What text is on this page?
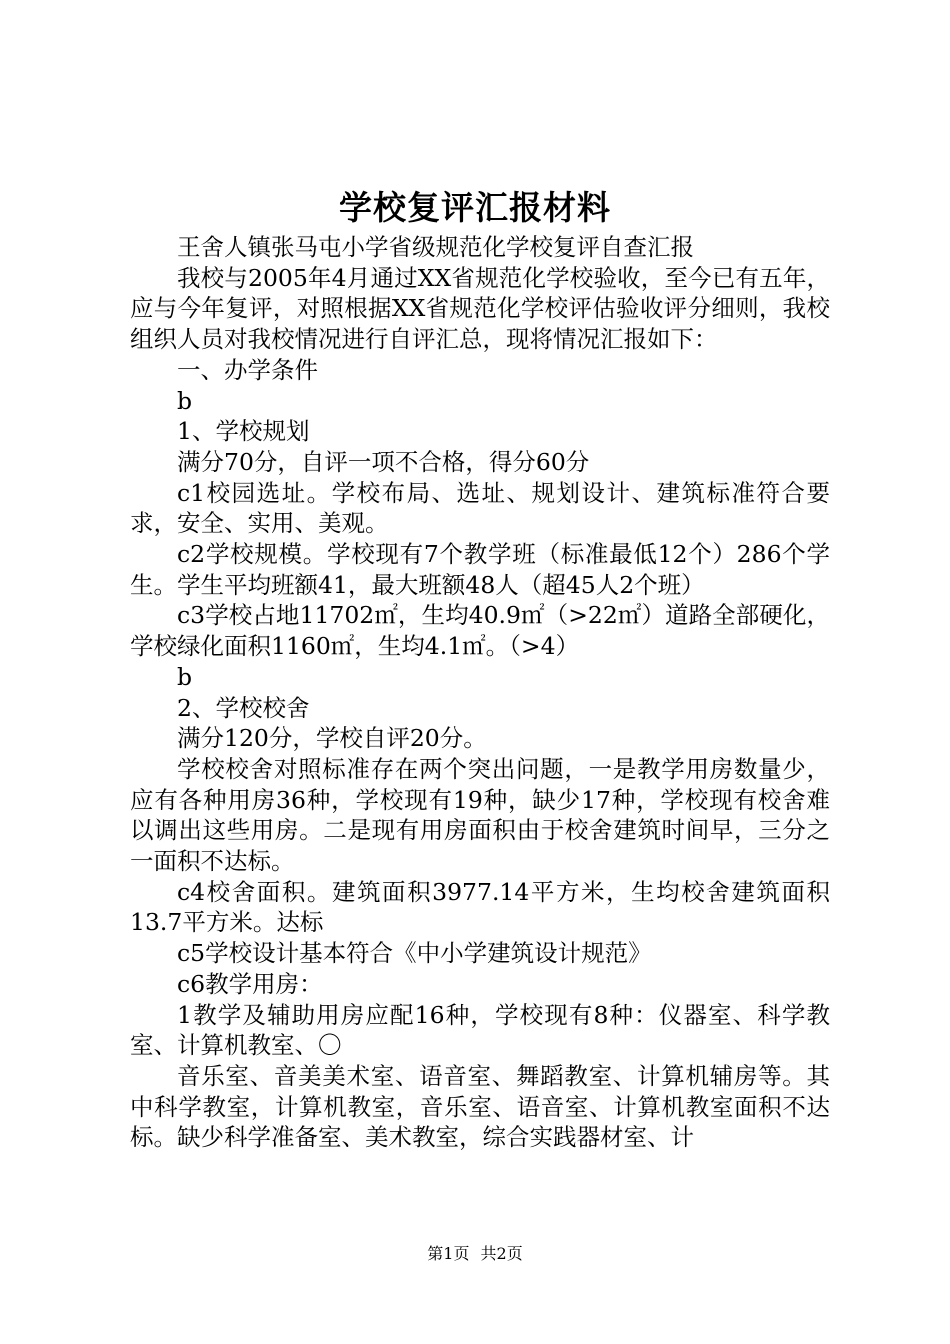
学校复评汇报材料

王舍人镇张马屯小学省级规范化学校复评自查汇报

我校与2005年4月通过XX省规范化学校验收，至今已有五年，应与今年复评，对照根据XX省规范化学校评估验收评分细则，我校组织人员对我校情况进行自评汇总，现将情况汇报如下：

一、办学条件

b

1、学校规划

满分70分，自评一项不合格，得分60分

c1校园选址。学校布局、选址、规划设计、建筑标准符合要求，安全、实用、美观。

c2学校规模。学校现有7个教学班（标准最低12个）286个学生。学生平均班额41，最大班额48人（超45人2个班）

c3学校占地11702㎡，生均40.9㎡（>22㎡）道路全部硬化，学校绿化面积1160㎡，生均4.1㎡。（>4）

b

2、学校校舍

满分120分，学校自评20分。

学校校舍对照标准存在两个突出问题，一是教学用房数量少，应有各种用房36种，学校现有19种，缺少17种，学校现有校舍难以调出这些用房。二是现有用房面积由于校舍建筑时间早，三分之一面积不达标。

c4校舍面积。建筑面积3977.14平方米，生均校舍建筑面积13.7平方米。达标

c5学校设计基本符合《中小学建筑设计规范》

c6教学用房：

1教学及辅助用房应配16种，学校现有8种：仪器室、科学教室、计算机教室、〇

音乐室、音美美术室、语音室、舞蹈教室、计算机辅房等。其中科学教室，计算机教室，音乐室、语音室、计算机教室面积不达标。缺少科学准备室、美术教室，综合实践器材室、计

第1页 共2页
